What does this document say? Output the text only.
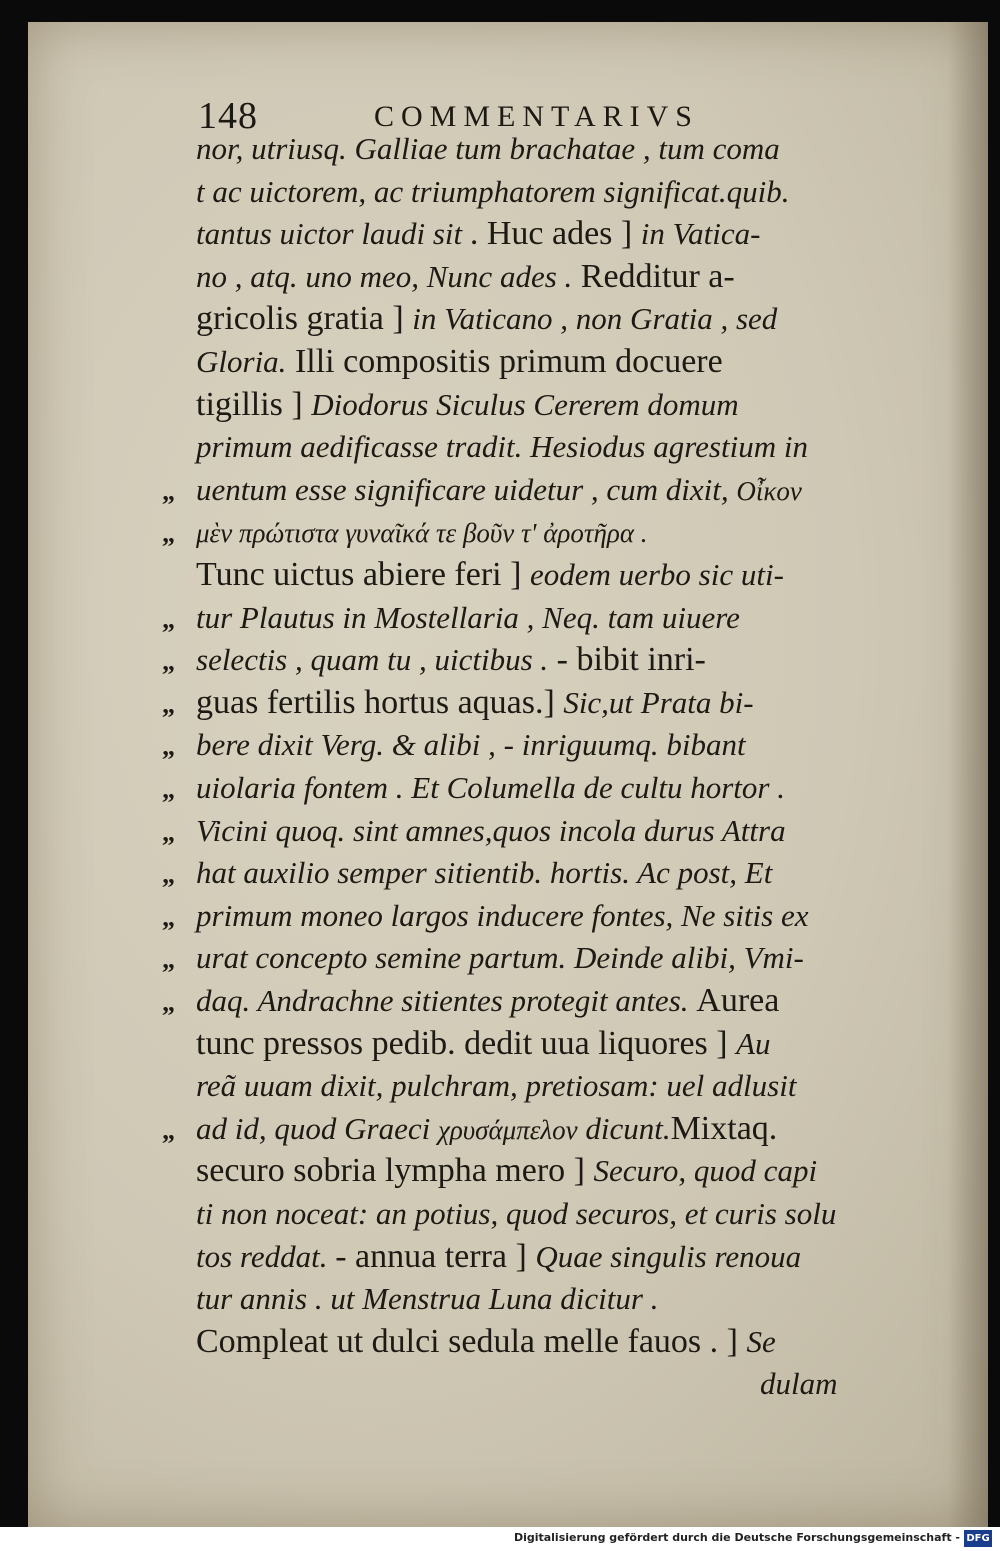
148	COMMENTARIVS
nor, utriusq. Galliae tum brachatae , tum coma
t ac uictorem, ac triumphatorem significat.quib.
tantus uictor laudi sit . Huc ades ] in Vatica-
no , atq. uno meo, Nunc ades . Redditur a-
gricolis gratia ] in Vaticano , non Gratia , sed
Gloria. Illi compositis primum docuere
tigillis ] Diodorus Siculus Cererem domum
primum aedificasse tradit. Hesiodus agrestium in
uentum esse significare uidetur , cum dixit, Οἶκον
μὲν πρώτιστα γυναῖκά τε βοῦν τ' ἀροτῆρα .
Tunc uictus abiere feri ] eodem uerbo sic uti-
tur Plautus in Mostellaria , Neq. tam uiuere
selectis , quam tu , uictibus . - bibit inri-
guas fertilis hortus aquas.] Sic,ut Prata bi-
bere dixit Verg. & alibi , - inriguumq. bibant
uiolaria fontem . Et Columella de cultu hortor .
Vicini quoq. sint amnes,quos incola durus Attra
hat auxilio semper sitientib. hortis. Ac post, Et
primum moneo largos inducere fontes, Ne sitis ex
urat concepto semine partum. Deinde alibi, Vmi-
daq. Andrachne sitientes protegit antes. Aurea
tunc pressos pedib. dedit uua liquores ] Au
reã uuam dixit, pulchram, pretiosam: uel adlusit
ad id, quod Graeci χρυσάμπελον dicunt.Mixtaq.
securo sobria lympha mero ] Securo, quod capi
ti non noceat: an potius, quod securos, et curis solu
tos reddat. - annua terra ] Quae singulis renoua
tur annis . ut Menstrua Luna dicitur .
Compleat ut dulci sedula melle fauos . ] Se
dulam
„
„
„
„
„
„
„
„
„
„
„
„
„
Digitalisierung gefördert durch die Deutsche Forschungsgemeinschaft - DFG
